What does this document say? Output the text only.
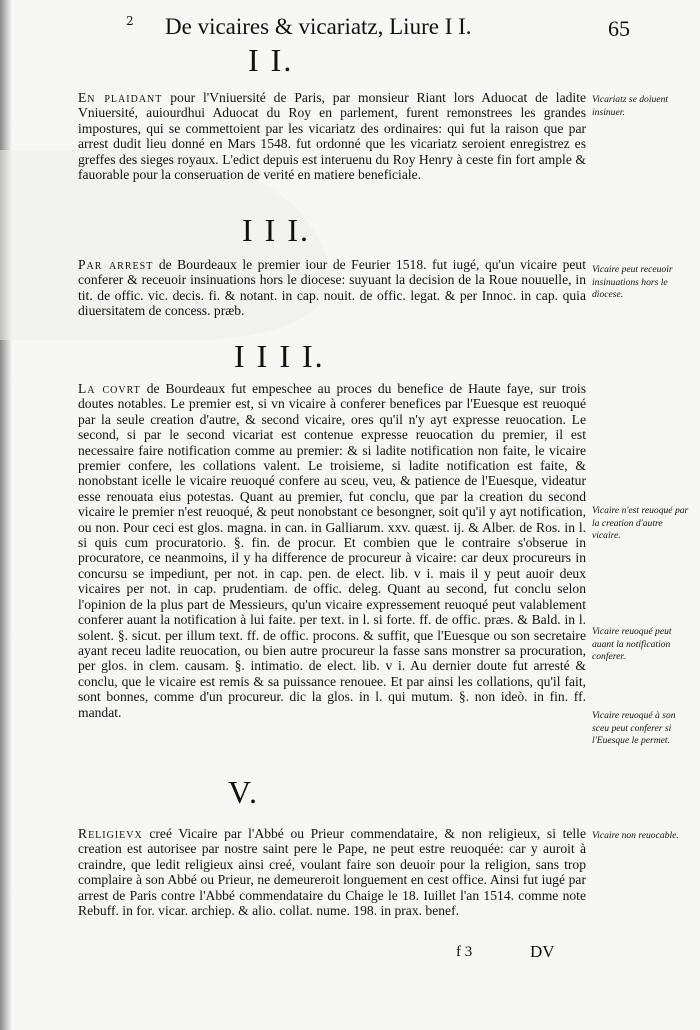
2 De vicaires & vicariatz, Liure I I.	65
I I.
En plaidant pour l'Vniuersité de Paris, par monsieur Riant lors Aduocat de ladite Vniuersité, auiourdhui Aduocat du Roy en parlement, furent remonstrees les grandes impostures, qui se commettoient par les vicariatz des ordinaires: qui fut la raison que par arrest dudit lieu donné en Mars 1548. fut ordonné que les vicariatz seroient enregistrez es greffes des sieges royaux. L'edict depuis est interuenu du Roy Henry à ceste fin fort ample & fauorable pour la conseruation de verité en matiere beneficiale.
I I I.
Par arrest de Bourdeaux le premier iour de Feurier 1518. fut iugé, qu'un vicaire peut conferer & receuoir insinuations hors le diocese: suyuant la decision de la Roue nouuelle, in tit. de offic. vic. decis. fi. & notant. in cap. nouit. de offic. legat. & per Innoc. in cap. quia diuersitatem de concess. præb.
I I I I.
La covrt de Bourdeaux fut empeschee au proces du benefice de Haute faye, sur trois doutes notables. Le premier est, si vn vicaire à conferer benefices par l'Euesque est reuoqué par la seule creation d'autre, & second vicaire, ores qu'il n'y ayt expresse reuocation. Le second, si par le second vicariat est contenue expresse reuocation du premier, il est necessaire faire notification comme au premier: & si ladite notification non faite, le vicaire premier confere, les collations valent. Le troisieme, si ladite notification est faite, & nonobstant icelle le vicaire reuoqué confere au sceu, veu, & patience de l'Euesque, videatur esse renouata eius potestas. Quant au premier, fut conclu, que par la creation du second vicaire le premier n'est reuoqué, & peut nonobstant ce besongner, soit qu'il y ayt notification, ou non. Pour ceci est glos. magna. in can. in Galliarum. xxv. quæst. ij. & Alber. de Ros. in l. si quis cum procuratorio. §. fin. de procur. Et combien que le contraire s'obserue in procuratore, ce neanmoins, il y ha difference de procureur à vicaire: car deux procureurs in concursu se impediunt, per not. in cap. pen. de elect. lib. v i. mais il y peut auoir deux vicaires per not. in cap. prudentiam. de offic. deleg. Quant au second, fut conclu selon l'opinion de la plus part de Messieurs, qu'un vicaire expressement reuoqué peut valablement conferer auant la notification à lui faite. per text. in l. si forte. ff. de offic. præs. & Bald. in l. solent. §. sicut. per illum text. ff. de offic. procons. & suffit, que l'Euesque ou son secretaire ayant receu ladite reuocation, ou bien autre procureur la fasse sans monstrer sa procuration, per glos. in clem. causam. §. intimatio. de elect. lib. v i. Au dernier doute fut arresté & conclu, que le vicaire est remis & sa puissance renouee. Et par ainsi les collations, qu'il fait, sont bonnes, comme d'un procureur. dic la glos. in l. qui mutum. §. non ideò. in fin. ff. mandat.
V.
Religievx creé Vicaire par l'Abbé ou Prieur commendataire, & non religieux, si telle creation est autorisee par nostre saint pere le Pape, ne peut estre reuoquée: car y auroit à craindre, que ledit religieux ainsi creé, voulant faire son deuoir pour la religion, sans trop complaire à son Abbé ou Prieur, ne demeureroit longuement en cest office. Ainsi fut iugé par arrest de Paris contre l'Abbé commendataire du Chaige le 18. Iuillet l'an 1514. comme note Rebuff. in for. vicar. archiep. & alio. collat. nume. 198. in prax. benef.
Vicariatz se doiuent insinuer.
Vicaire peut receuoir insinuations hors le diocese.
Vicaire n'est reuoqué par la creation d'autre vicaire.
Vicaire reuoqué peut auant la notification conferer.
Vicaire reuoqué à son sceu peut conferer si l'Euesque le permet.
Vicaire non reuocable.
f 3	DV
